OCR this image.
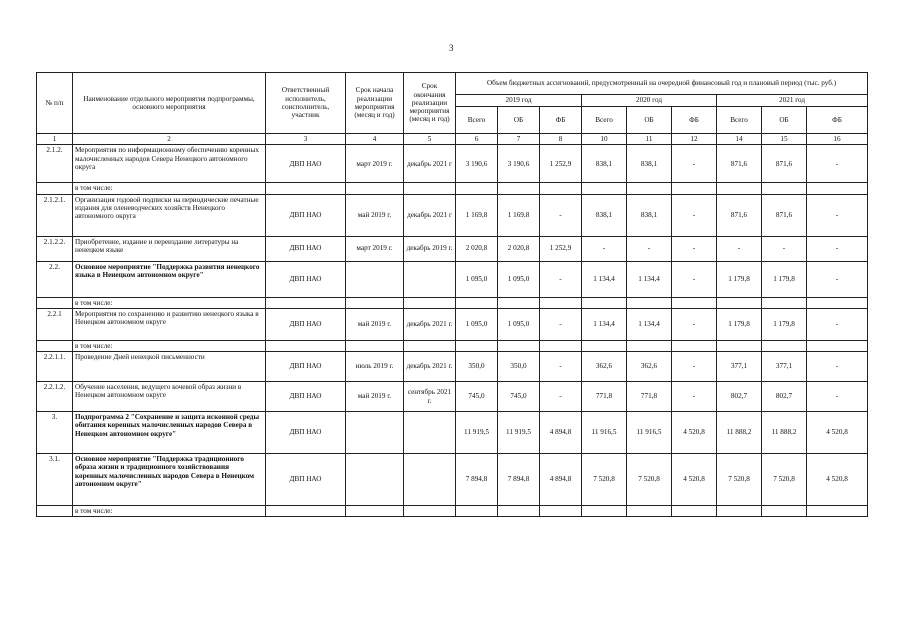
3
№ п/п	Наименование отдельного мероприятия подпрограммы, основного мероприятия	Ответственный исполнитель, соисполнитель, участник	Срок начала реализации мероприятия (месяц и год)	Срок окончания реализации мероприятия (месяц и год)	Объем бюджетных ассигнований, предусмотренный на очередной финансовый год и плановый период (тыс. руб.)								
					2019 год			2020 год			2021 год		
					Всего	ОБ	ФБ	Всего	ОБ	ФБ	Всего	ОБ	ФБ
1	2	3	4	5	6	7	8	10	11	12	14	15	16
2.1.2.	Мероприятия по информационному обеспечению коренных малочисленных народов Севера Ненецкого автономного округа	ДВП НАО	март 2019 г.	декабрь 2021 г	3 190,6	3 190,6	1 252,9	838,1	838,1	-	871,6	871,6	-
	в том числе:												
2.1.2.1.	Организация годовой подписки на периодические печатные издания для оленеводческих хозяйств Ненецкого автономного округа	ДВП НАО	май 2019 г.	декабрь 2021 г	1 169,8	1 169,8	-	838,1	838,1	-	871,6	871,6	-
2.1.2.2.	Приобретение, издание и переиздание литературы на ненецком языке	ДВП НАО	март 2019 г.	декабрь 2019 г.	2 020,8	2 020,8	1 252,9	-	-	-	-	-	-
2.2.	Основное мероприятие "Поддержка развития ненецкого языка в Ненецком автономном округе"	ДВП НАО			1 095,0	1 095,0	-	1 134,4	1 134,4	-	1 179,8	1 179,8	-
	в том числе:												
2.2.1	Мероприятия по сохранению и развитию ненецкого языка в Ненецком автономном округе	ДВП НАО	май 2019 г.	декабрь 2021 г.	1 095,0	1 095,0	-	1 134,4	1 134,4	-	1 179,8	1 179,8	-
	в том числе:												
2.2.1.1.	Проведение Дней ненецкой письменности	ДВП НАО	июль 2019 г.	декабрь 2021 г.	350,0	350,0	-	362,6	362,6	-	377,1	377,1	-
2.2.1.2.	Обучение населения, ведущего кочевой образ жизни в Ненецком автономном округе	ДВП НАО	май 2019 г.	сентябрь 2021 г.	745,0	745,0	-	771,8	771,8	-	802,7	802,7	-
3.	Подпрограмма 2 "Сохранение и защита исконной среды обитания коренных малочисленных народов Севера в Ненецком автономном округе"	ДВП НАО			11 919,5	11 919,5	4 894,8	11 916,5	11 916,5	4 520,8	11 888,2	11 888,2	4 520,8
3.1.	Основное мероприятие "Поддержка традиционного образа жизни и традиционного хозяйствования коренных малочисленных народов Севера в Ненецком автономном округе"	ДВП НАО			7 894,8	7 894,8	4 894,8	7 520,8	7 520,8	4 520,8	7 520,8	7 520,8	4 520,8
	в том числе:												
